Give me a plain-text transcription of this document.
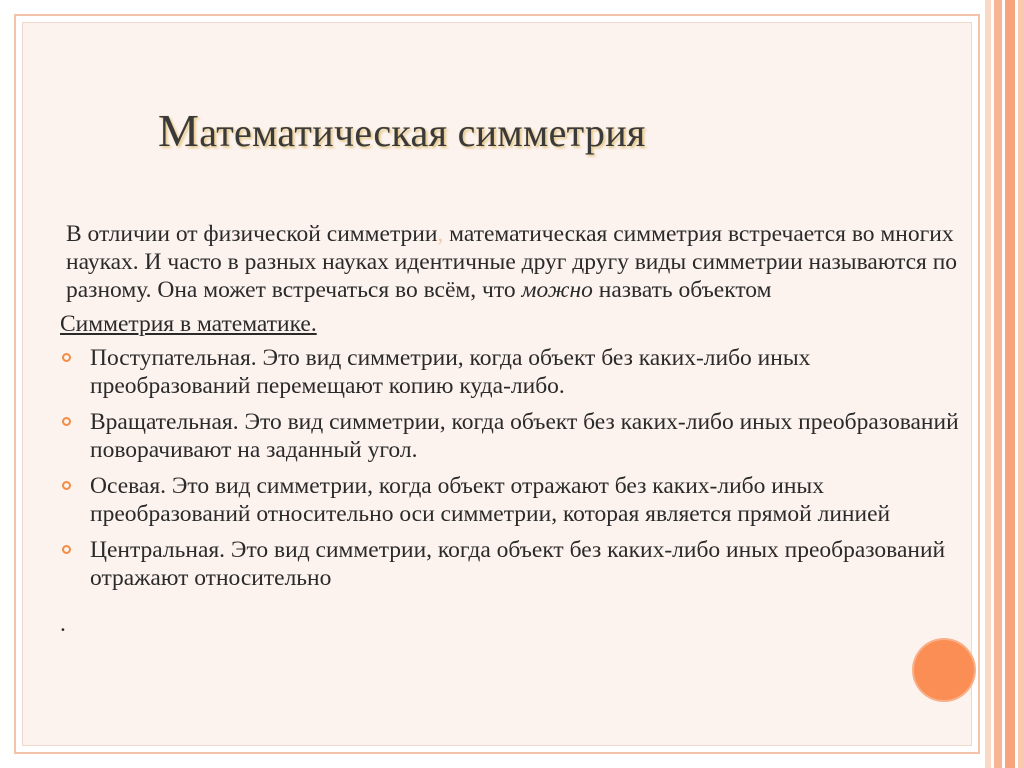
Математическая симметрия
В отличии от физической симметрии, математическая симметрия встречается во многих науках. И часто в разных науках идентичные друг другу виды симметрии называются по разному. Она может встречаться во всём, что можно назвать объектом
Симметрия в математике.
Поступательная. Это вид симметрии, когда объект без каких-либо иных преобразований перемещают копию куда-либо.
Вращательная. Это вид симметрии, когда объект без каких-либо иных преобразований поворачивают на заданный угол.
Осевая. Это вид симметрии, когда объект отражают без каких-либо иных преобразований относительно оси симметрии, которая является прямой линией
Центральная. Это вид симметрии, когда объект без каких-либо иных преобразований отражают относительно
.
